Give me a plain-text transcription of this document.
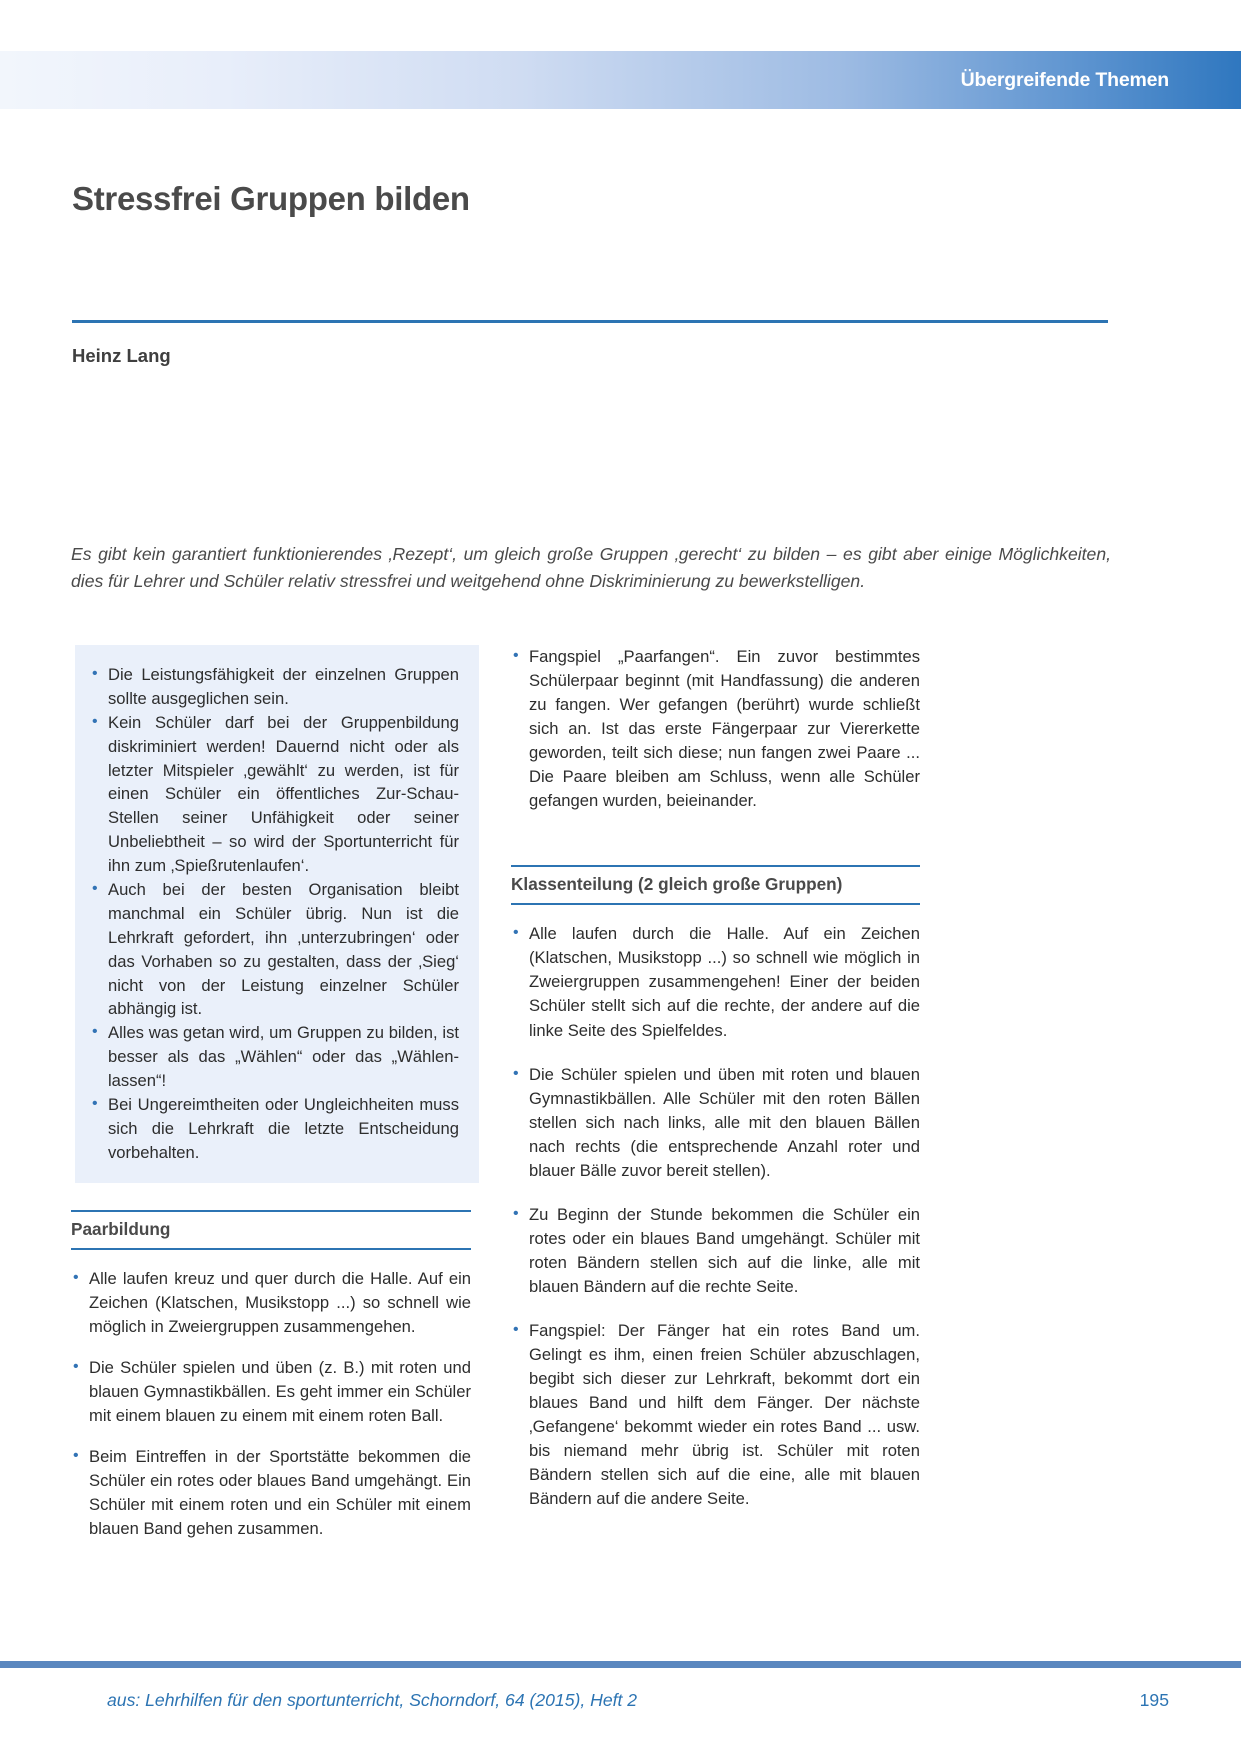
Übergreifende Themen
Stressfrei Gruppen bilden
Heinz Lang
Es gibt kein garantiert funktionierendes ‚Rezept‘, um gleich große Gruppen ‚gerecht‘ zu bilden – es gibt aber einige Möglichkeiten, dies für Lehrer und Schüler relativ stressfrei und weitgehend ohne Diskriminierung zu bewerkstelligen.
• Die Leistungsfähigkeit der einzelnen Gruppen sollte ausgeglichen sein.
• Kein Schüler darf bei der Gruppenbildung diskriminiert werden! Dauernd nicht oder als letzter Mitspieler ‚gewählt‘ zu werden, ist für einen Schüler ein öffentliches Zur-Schau-Stellen seiner Unfähigkeit oder seiner Unbeliebtheit – so wird der Sportunterricht für ihn zum ‚Spießrutenlaufen‘.
• Auch bei der besten Organisation bleibt manchmal ein Schüler übrig. Nun ist die Lehrkraft gefordert, ihn ‚unterzubringen‘ oder das Vorhaben so zu gestalten, dass der ‚Sieg‘ nicht von der Leistung einzelner Schüler abhängig ist.
• Alles was getan wird, um Gruppen zu bilden, ist besser als das „Wählen“ oder das „Wählen-lassen“!
• Bei Ungereimtheiten oder Ungleichheiten muss sich die Lehrkraft die letzte Entscheidung vorbehalten.
Paarbildung
• Alle laufen kreuz und quer durch die Halle. Auf ein Zeichen (Klatschen, Musikstopp ...) so schnell wie möglich in Zweiergruppen zusammengehen.
• Die Schüler spielen und üben (z. B.) mit roten und blauen Gymnastikbällen. Es geht immer ein Schüler mit einem blauen zu einem mit einem roten Ball.
• Beim Eintreffen in der Sportstätte bekommen die Schüler ein rotes oder blaues Band umgehängt. Ein Schüler mit einem roten und ein Schüler mit einem blauen Band gehen zusammen.
• Fangspiel „Paarfangen“. Ein zuvor bestimmtes Schülerpaar beginnt (mit Handfassung) die anderen zu fangen. Wer gefangen (berührt) wurde schließt sich an. Ist das erste Fängerpaar zur Viererkette geworden, teilt sich diese; nun fangen zwei Paare ... Die Paare bleiben am Schluss, wenn alle Schüler gefangen wurden, beieinander.
Klassenteilung (2 gleich große Gruppen)
• Alle laufen durch die Halle. Auf ein Zeichen (Klatschen, Musikstopp ...) so schnell wie möglich in Zweiergruppen zusammengehen! Einer der beiden Schüler stellt sich auf die rechte, der andere auf die linke Seite des Spielfeldes.
• Die Schüler spielen und üben mit roten und blauen Gymnastikbällen. Alle Schüler mit den roten Bällen stellen sich nach links, alle mit den blauen Bällen nach rechts (die entsprechende Anzahl roter und blauer Bälle zuvor bereit stellen).
• Zu Beginn der Stunde bekommen die Schüler ein rotes oder ein blaues Band umgehängt. Schüler mit roten Bändern stellen sich auf die linke, alle mit blauen Bändern auf die rechte Seite.
• Fangspiel: Der Fänger hat ein rotes Band um. Gelingt es ihm, einen freien Schüler abzuschlagen, begibt sich dieser zur Lehrkraft, bekommt dort ein blaues Band und hilft dem Fänger. Der nächste ‚Gefangene‘ bekommt wieder ein rotes Band ... usw. bis niemand mehr übrig ist. Schüler mit roten Bändern stellen sich auf die eine, alle mit blauen Bändern auf die andere Seite.
aus: Lehrhilfen für den sportunterricht, Schorndorf, 64 (2015), Heft 2	195
